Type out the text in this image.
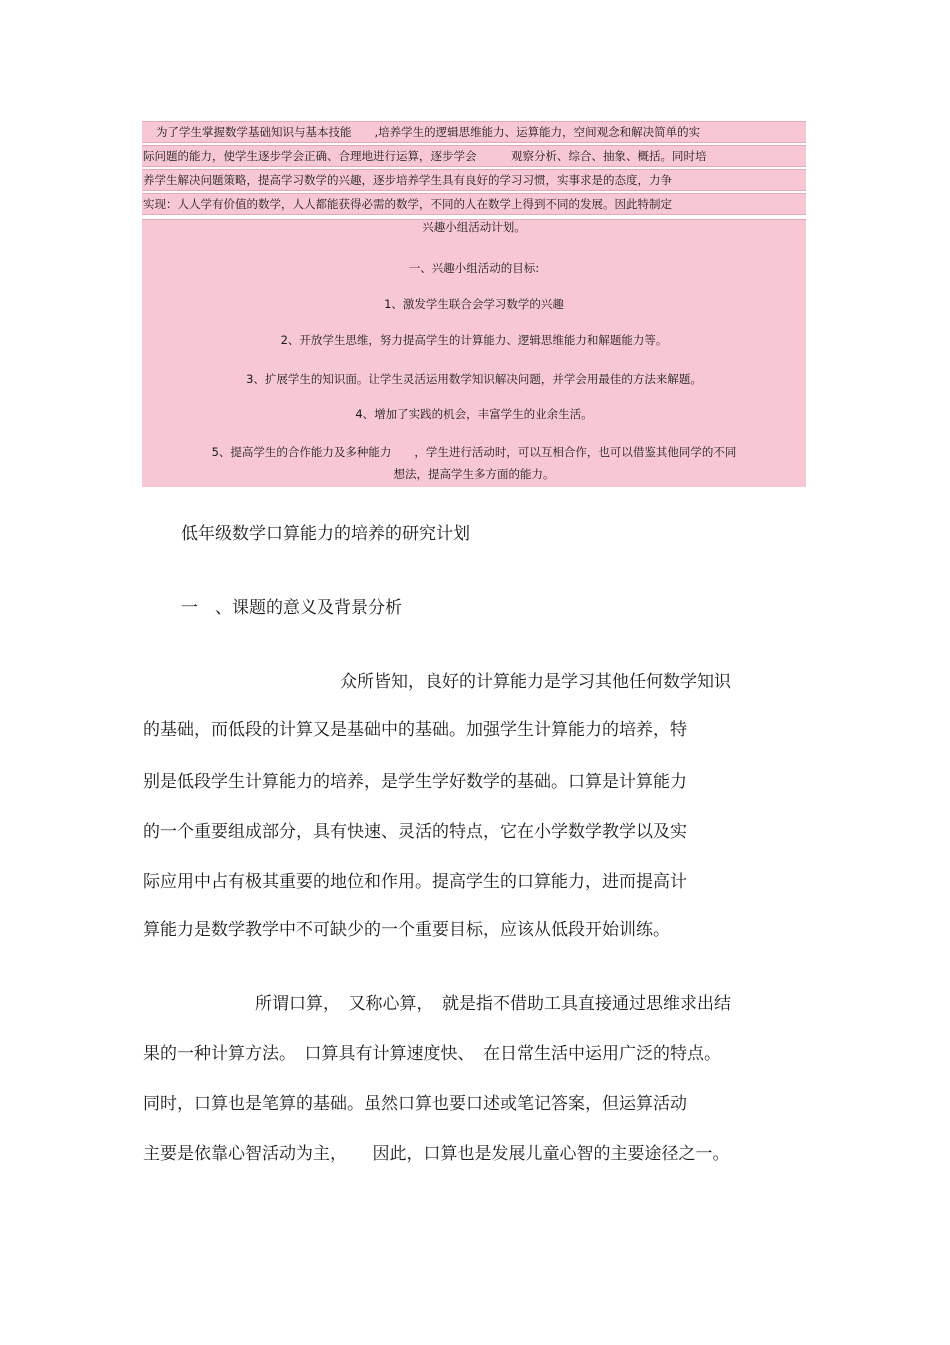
为了学生掌握数学基础知识与基本技能　　,培养学生的逻辑思维能力、运算能力，空间观念和解决简单的实
际问题的能力，使学生逐步学会正确、合理地进行运算，逐步学会　　　观察分析、综合、抽象、概括。同时培
养学生解决问题策略，提高学习数学的兴趣，逐步培养学生具有良好的学习习惯，实事求是的态度，力争
实现：人人学有价值的数学，人人都能获得必需的数学，不同的人在数学上得到不同的发展。因此特制定
兴趣小组活动计划。
一、兴趣小组活动的目标:
1、激发学生联合会学习数学的兴趣
2、开放学生思维，努力提高学生的计算能力、逻辑思维能力和解题能力等。
3、扩展学生的知识面。让学生灵活运用数学知识解决问题，并学会用最佳的方法来解题。
4、增加了实践的机会，丰富学生的业余生活。
5、提高学生的合作能力及多种能力　　，学生进行活动时，可以互相合作，也可以借鉴其他同学的不同
想法，提高学生多方面的能力。
低年级数学口算能力的培养的研究计划
一　、课题的意义及背景分析
众所皆知，良好的计算能力是学习其他任何数学知识
的基础，而低段的计算又是基础中的基础。加强学生计算能力的培养，特
别是低段学生计算能力的培养，是学生学好数学的基础。口算是计算能力
的一个重要组成部分，具有快速、灵活的特点，它在小学数学教学以及实
际应用中占有极其重要的地位和作用。提高学生的口算能力，进而提高计
算能力是数学教学中不可缺少的一个重要目标，应该从低段开始训练。
所谓口算，　又称心算，　就是指不借助工具直接通过思维求出结
果的一种计算方法。　口算具有计算速度快、　在日常生活中运用广泛的特点。
同时，口算也是笔算的基础。虽然口算也要口述或笔记答案，但运算活动
主要是依靠心智活动为主，　　因此，口算也是发展儿童心智的主要途径之一。
